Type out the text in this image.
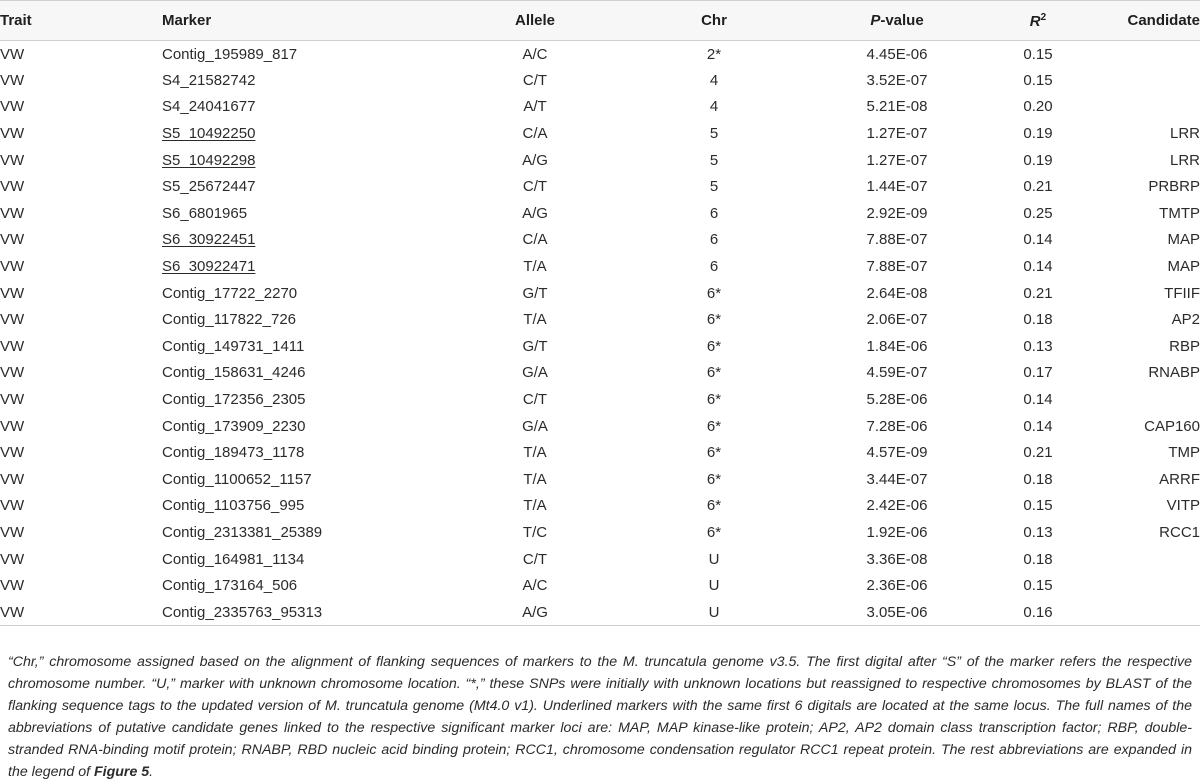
Trait	Marker	Allele	Chr	P-value	$R^2$	Candidate
VW	Contig_195989_817	A/C	2*	4.45E-06	0.15	
VW	S4_21582742	C/T	4	3.52E-07	0.15	
VW	S4_24041677	A/T	4	5.21E-08	0.20	
VW	S5_10492250	C/A	5	1.27E-07	0.19	LRR
VW	S5_10492298	A/G	5	1.27E-07	0.19	LRR
VW	S5_25672447	C/T	5	1.44E-07	0.21	PRBRP
VW	S6_6801965	A/G	6	2.92E-09	0.25	TMTP
VW	S6_30922451	C/A	6	7.88E-07	0.14	MAP
VW	S6_30922471	T/A	6	7.88E-07	0.14	MAP
VW	Contig_17722_2270	G/T	6*	2.64E-08	0.21	TFIIF
VW	Contig_117822_726	T/A	6*	2.06E-07	0.18	AP2
VW	Contig_149731_1411	G/T	6*	1.84E-06	0.13	RBP
VW	Contig_158631_4246	G/A	6*	4.59E-07	0.17	RNABP
VW	Contig_172356_2305	C/T	6*	5.28E-06	0.14	
VW	Contig_173909_2230	G/A	6*	7.28E-06	0.14	CAP160
VW	Contig_189473_1178	T/A	6*	4.57E-09	0.21	TMP
VW	Contig_1100652_1157	T/A	6*	3.44E-07	0.18	ARRF
VW	Contig_1103756_995	T/A	6*	2.42E-06	0.15	VITP
VW	Contig_2313381_25389	T/C	6*	1.92E-06	0.13	RCC1
VW	Contig_164981_1134	C/T	U	3.36E-08	0.18	
VW	Contig_173164_506	A/C	U	2.36E-06	0.15	
VW	Contig_2335763_95313	A/G	U	3.05E-06	0.16	
“Chr,” chromosome assigned based on the alignment of flanking sequences of markers to the M. truncatula genome v3.5. The first digital after “S” of the marker refers the respective chromosome number. “U,” marker with unknown chromosome location. “*,” these SNPs were initially with unknown locations but reassigned to respective chromosomes by BLAST of the flanking sequence tags to the updated version of M. truncatula genome (Mt4.0 v1). Underlined markers with the same first 6 digitals are located at the same locus. The full names of the abbreviations of putative candidate genes linked to the respective significant marker loci are: MAP, MAP kinase-like protein; AP2, AP2 domain class transcription factor; RBP, double-stranded RNA-binding motif protein; RNABP, RBD nucleic acid binding protein; RCC1, chromosome condensation regulator RCC1 repeat protein. The rest abbreviations are expanded in the legend of Figure 5.
